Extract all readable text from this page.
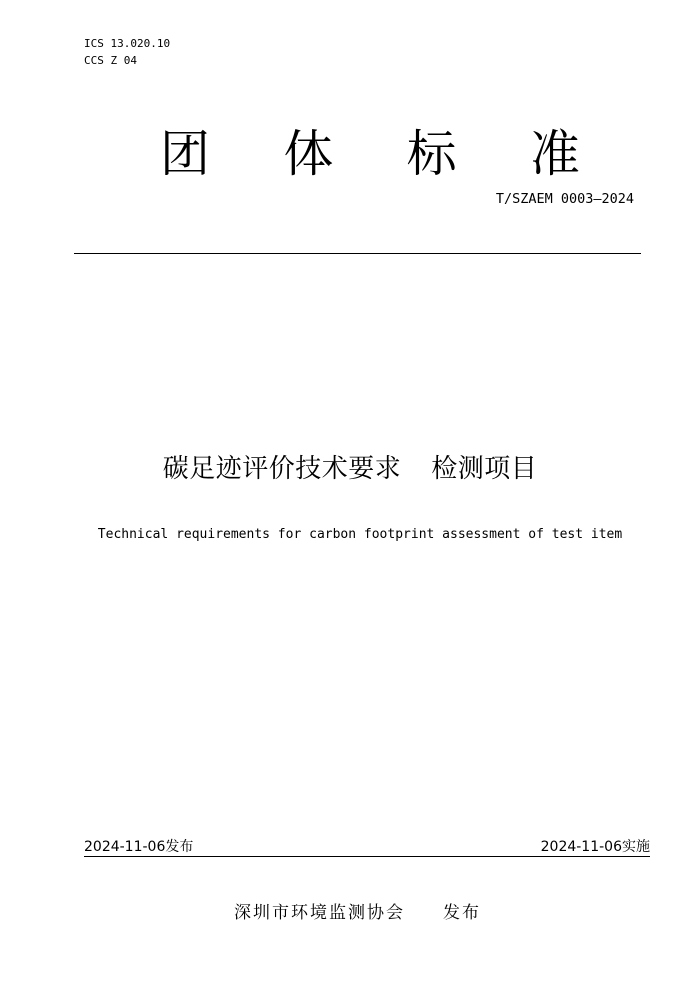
ICS 13.020.10
CCS Z 04
团 体 标 准
T/SZAEM 0003—2024
碳足迹评价技术要求 检测项目
Technical requirements for carbon footprint assessment of test item
2024-11-06发布	2024-11-06实施
深圳市环境监测协会 发布
